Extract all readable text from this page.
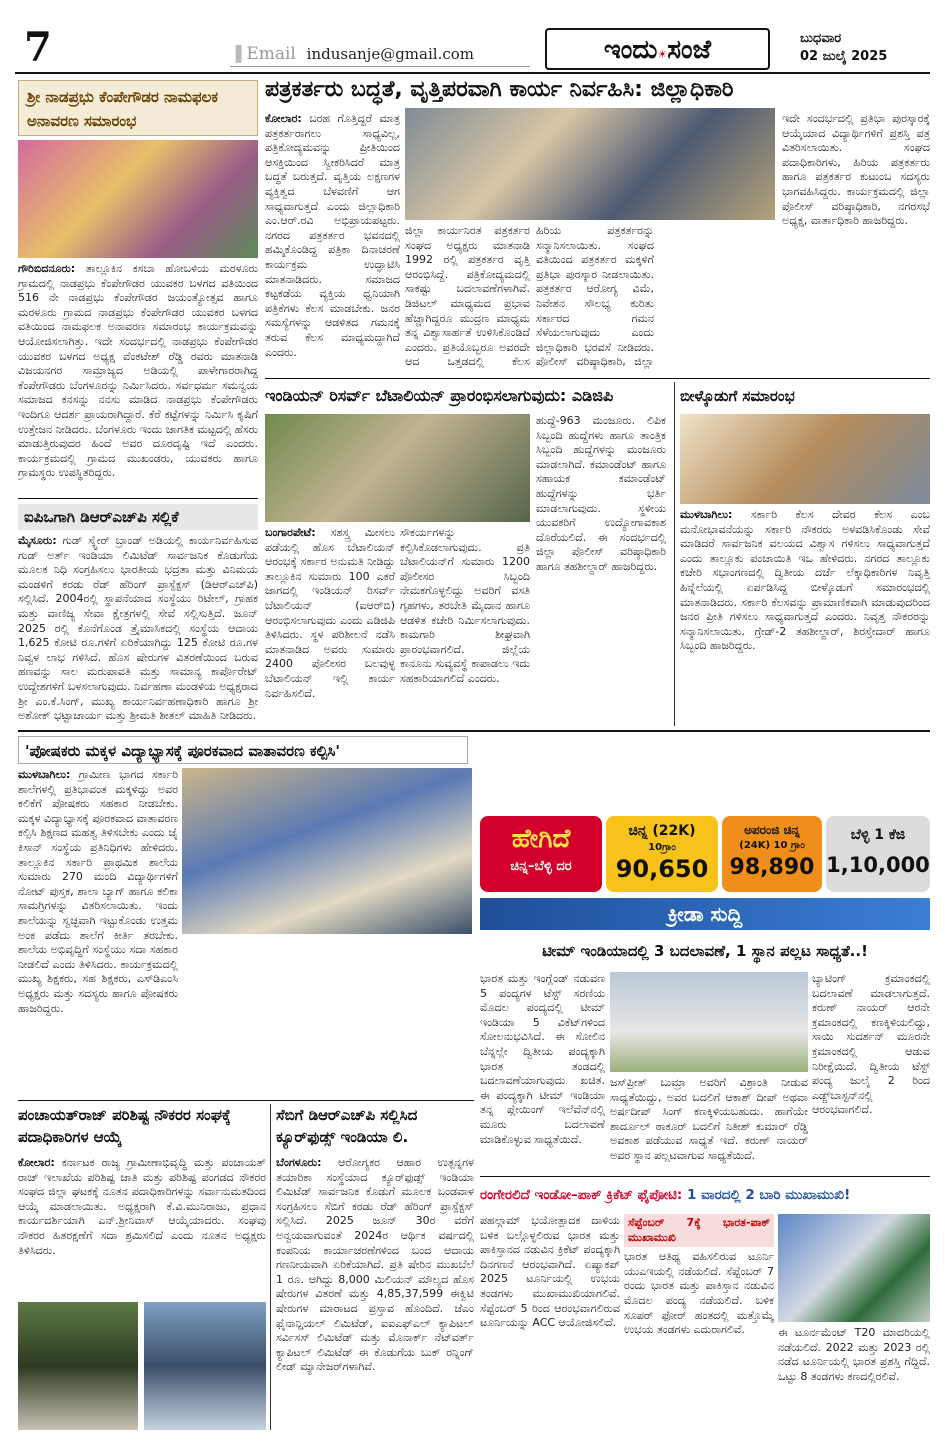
7	▐ Email indusanje@gmail.com	ಇಂದು☀ಸಂಜೆ	ಬುಧವಾರ
02 ಜುಲೈ 2025
ಶ್ರೀ ನಾಡಪ್ರಭು ಕೆಂಪೇಗೌಡರ ನಾಮಫಲಕ ಅನಾವರಣ ಸಮಾರಂಭ
ಗೌರಿಬಿದನೂರು: ತಾಲ್ಲೂಕಿನ ಕಸಬಾ ಹೋಬಳಿಯ ಮರಳೂರು ಗ್ರಾಮದಲ್ಲಿ ನಾಡಪ್ರಭು ಕೆಂಪೇಗೌಡರ ಯುವಕರ ಬಳಗದ ವತಿಯಿಂದ 516 ನೇ ನಾಡಪ್ರಭು ಕೆಂಪೇಗೌಡರ ಜಯಂತ್ಯೋತ್ಸವ ಹಾಗೂ ಮರಳೂರು ಗ್ರಾಮದ ನಾಡಪ್ರಭು ಕೆಂಪೇಗೌಡರ ಯುವಕರ ಬಳಗದ ವತಿಯಿಂದ ನಾಮಫಲಕ ಅನಾವರಣ ಸಮಾರಂಭ ಕಾರ್ಯಕ್ರಮವನ್ನು ಆಯೋಜಿಸಲಾಗಿತ್ತು. ಇದೇ ಸಂದರ್ಭದಲ್ಲಿ ನಾಡಪ್ರಭು ಕೆಂಪೇಗೌಡರ ಯುವಕರ ಬಳಗದ ಅಧ್ಯಕ್ಷ ವೆಂಕಟೇಶ್ ರೆಡ್ಡಿ ರವರು ಮಾತನಾಡಿ ವಿಜಯನಗರ ಸಾಮ್ರಾಜ್ಯದ ಅಡಿಯಲ್ಲಿ ಪಾಳೇಗಾರರಾಗಿದ್ದ ಕೆಂಪೇಗೌಡರು ಬೆಂಗಳೂರನ್ನು ನಿರ್ಮಿಸಿದರು. ಸರ್ವಧರ್ಮ ಸಮನ್ವಯ ಸಮಾಜದ ಕನಸನ್ನು ನನಸು ಮಾಡಿದ ನಾಡಪ್ರಭು ಕೆಂಪೇಗೌಡರು ಇಂದಿಗೂ ಆದರ್ಶ ಪ್ರಾಯರಾಗಿದ್ದಾರೆ. ಕೆರೆ ಕಟ್ಟೆಗಳನ್ನು ನಿರ್ಮಿಸಿ ಕೃಷಿಗೆ ಉತ್ತೇಜನ ನೀಡಿದರು. ಬೆಂಗಳೂರು ಇಂದು ಜಾಗತಿಕ ಮಟ್ಟದಲ್ಲಿ ಹೆಸರು ಮಾಡುತ್ತಿರುವುದರ ಹಿಂದೆ ಅವರ ದೂರದೃಷ್ಟಿ ಇದೆ ಎಂದರು. ಕಾರ್ಯಕ್ರಮದಲ್ಲಿ ಗ್ರಾಮದ ಮುಖಂಡರು, ಯುವಕರು ಹಾಗೂ ಗ್ರಾಮಸ್ಥರು ಉಪಸ್ಥಿತರಿದ್ದರು.
ಐಪಿಒಗಾಗಿ ಡಿಆರ್‌ಎಚ್‌ಪಿ ಸಲ್ಲಿಕೆ
ಮೈಸೂರು: ಗುಡ್ ಸ್ಕ್ವೇರ್ ಬ್ರಾಂಡ್ ಅಡಿಯಲ್ಲಿ ಕಾರ್ಯನಿರ್ವಹಿಸುವ ಗುಡ್ ಅರ್ತ್ ಇಂಡಿಯಾ ಲಿಮಿಟೆಡ್ ಸಾರ್ವಜನಿಕ ಕೊಡುಗೆಯ ಮೂಲಕ ನಿಧಿ ಸಂಗ್ರಹಿಸಲು ಭಾರತೀಯ ಭದ್ರತಾ ಮತ್ತು ವಿನಿಮಯ ಮಂಡಳಿಗೆ ಕರಡು ರೆಡ್ ಹೆರಿಂಗ್ ಪ್ರಾಸ್ಪೆಕ್ಟಸ್ (ಡಿಆರ್‌ಎಚ್‌ಪಿ) ಸಲ್ಲಿಸಿದೆ. 2004ರಲ್ಲಿ ಸ್ಥಾಪನೆಯಾದ ಸಂಸ್ಥೆಯು ರಿಟೇಲ್, ಗ್ರಾಹಕ ಮತ್ತು ವಾಣಿಜ್ಯ ಸೇವಾ ಕ್ಷೇತ್ರಗಳಲ್ಲಿ ಸೇವೆ ಸಲ್ಲಿಸುತ್ತಿದೆ. ಜೂನ್ 2025 ರಲ್ಲಿ ಕೊನೆಗೊಂಡ ತ್ರೈಮಾಸಿಕದಲ್ಲಿ ಸಂಸ್ಥೆಯ ಆದಾಯ 1,625 ಕೋಟಿ ರೂ.ಗಳಿಗೆ ಏರಿಕೆಯಾಗಿದ್ದು 125 ಕೋಟಿ ರೂ.ಗಳ ನಿವ್ವಳ ಲಾಭ ಗಳಿಸಿದೆ. ಹೊಸ ಷೇರುಗಳ ವಿತರಣೆಯಿಂದ ಬರುವ ಹಣವನ್ನು ಸಾಲ ಮರುಪಾವತಿ ಮತ್ತು ಸಾಮಾನ್ಯ ಕಾರ್ಪೊರೇಟ್ ಉದ್ದೇಶಗಳಿಗೆ ಬಳಸಲಾಗುವುದು. ನಿರ್ವಹಣಾ ಮಂಡಳಿಯ ಅಧ್ಯಕ್ಷರಾದ ಶ್ರೀ ಎಂ.ಕೆ.ಸಿಂಗ್, ಮುಖ್ಯ ಕಾರ್ಯನಿರ್ವಹಣಾಧಿಕಾರಿ ಹಾಗೂ ಶ್ರೀ ಅಶೋಕ್ ಭಟ್ಟಾಚಾರ್ಯ ಮತ್ತು ಶ್ರೀಮತಿ ಶೀತಲ್ ಮಾಹಿತಿ ನೀಡಿದರು.
ಪತ್ರಕರ್ತರು ಬದ್ಧತೆ, ವೃತ್ತಿಪರವಾಗಿ ಕಾರ್ಯ ನಿರ್ವಹಿಸಿ: ಜಿಲ್ಲಾಧಿಕಾರಿ
ಕೋಲಾರ: ಬರಹ ಗೊತ್ತಿದ್ದರೆ ಮಾತ್ರ ಪತ್ರಕರ್ತರಾಗಲು ಸಾಧ್ಯವಿಲ್ಲ, ಪತ್ರಿಕೋದ್ಯಮವನ್ನು ಪ್ರೀತಿಯಿಂದ ಆಸಕ್ತಿಯಿಂದ ಸ್ವೀಕರಿಸಿದರೆ ಮಾತ್ರ ಬದ್ಧತೆ ಬರುತ್ತದೆ. ವೃತ್ತಿಯ ಲಕ್ಷಣಗಳ ವ್ಯಕ್ತಿತ್ವದ ಬೆಳವಣಿಗೆ ಆಗ ಸಾಧ್ಯವಾಗುತ್ತದೆ ಎಂದು ಜಿಲ್ಲಾಧಿಕಾರಿ ಎಂ.ಆರ್.ರವಿ ಅಭಿಪ್ರಾಯಪಟ್ಟರು. ನಗರದ ಪತ್ರಕರ್ತರ ಭವನದಲ್ಲಿ ಹಮ್ಮಿಕೊಂಡಿದ್ದ ಪತ್ರಿಕಾ ದಿನಾಚರಣೆ ಕಾರ್ಯಕ್ರಮ ಉದ್ಘಾಟಿಸಿ ಮಾತನಾಡಿದರು. ಸಮಾಜದ ಕಟ್ಟಕಡೆಯ ವ್ಯಕ್ತಿಯ ಧ್ವನಿಯಾಗಿ ಪತ್ರಿಕೆಗಳು ಕೆಲಸ ಮಾಡಬೇಕು. ಜನರ ಸಮಸ್ಯೆಗಳನ್ನು ಆಡಳಿತದ ಗಮನಕ್ಕೆ ತರುವ ಕೆಲಸ ಮಾಧ್ಯಮದ್ದಾಗಿದೆ ಎಂದರು.
ಜಿಲ್ಲಾ ಕಾರ್ಯನಿರತ ಪತ್ರಕರ್ತರ ಸಂಘದ ಅಧ್ಯಕ್ಷರು ಮಾತನಾಡಿ 1992 ರಲ್ಲಿ ಪತ್ರಕರ್ತರ ವೃತ್ತಿ ಆರಂಭಿಸಿದ್ದೆ. ಪತ್ರಿಕೋದ್ಯಮದಲ್ಲಿ ಸಾಕಷ್ಟು ಬದಲಾವಣೆಗಳಾಗಿವೆ. ಡಿಜಿಟಲ್ ಮಾಧ್ಯಮದ ಪ್ರಭಾವ ಹೆಚ್ಚಾಗಿದ್ದರೂ ಮುದ್ರಣ ಮಾಧ್ಯಮ ತನ್ನ ವಿಶ್ವಾಸಾರ್ಹತೆ ಉಳಿಸಿಕೊಂಡಿದೆ ಎಂದರು. ಪ್ರತಿಯೊಬ್ಬರೂ ಅವರದೇ ಆದ ಒತ್ತಡದಲ್ಲಿ ಕೆಲಸ
ಹಿರಿಯ ಪತ್ರಕರ್ತರನ್ನು ಸನ್ಮಾನಿಸಲಾಯಿತು. ಸಂಘದ ವತಿಯಿಂದ ಪತ್ರಕರ್ತರ ಮಕ್ಕಳಿಗೆ ಪ್ರತಿಭಾ ಪುರಸ್ಕಾರ ನೀಡಲಾಯಿತು. ಪತ್ರಕರ್ತರ ಆರೋಗ್ಯ ವಿಮೆ, ನಿವೇಶನ ಸೌಲಭ್ಯ ಕುರಿತು ಸರ್ಕಾರದ ಗಮನ ಸೆಳೆಯಲಾಗುವುದು ಎಂದು ಜಿಲ್ಲಾಧಿಕಾರಿ ಭರವಸೆ ನೀಡಿದರು. ಪೊಲೀಸ್ ವರಿಷ್ಠಾಧಿಕಾರಿ, ಜಿಲ್ಲಾ
ಇದೇ ಸಂದರ್ಭದಲ್ಲಿ ಪ್ರತಿಭಾ ಪುರಸ್ಕಾರಕ್ಕೆ ಆಯ್ಕೆಯಾದ ವಿದ್ಯಾರ್ಥಿಗಳಿಗೆ ಪ್ರಶಸ್ತಿ ಪತ್ರ ವಿತರಿಸಲಾಯಿತು. ಸಂಘದ ಪದಾಧಿಕಾರಿಗಳು, ಹಿರಿಯ ಪತ್ರಕರ್ತರು ಹಾಗೂ ಪತ್ರಕರ್ತರ ಕುಟುಂಬ ಸದಸ್ಯರು ಭಾಗವಹಿಸಿದ್ದರು. ಕಾರ್ಯಕ್ರಮದಲ್ಲಿ ಜಿಲ್ಲಾ ಪೊಲೀಸ್ ವರಿಷ್ಠಾಧಿಕಾರಿ, ನಗರಸಭೆ ಅಧ್ಯಕ್ಷ, ವಾರ್ತಾಧಿಕಾರಿ ಹಾಜರಿದ್ದರು.
ಇಂಡಿಯನ್ ರಿಸರ್ವ್ ಬೆಟಾಲಿಯನ್ ಪ್ರಾರಂಭಿಸಲಾಗುವುದು: ಎಡಿಜಿಪಿ
ಬಂಗಾರಪೇಟೆ: ಸಶಸ್ತ್ರ ಮೀಸಲು ಪಡೆಯಲ್ಲಿ ಹೊಸ ಬೆಟಾಲಿಯನ್ ಆರಂಭಕ್ಕೆ ಸರ್ಕಾರ ಅನುಮತಿ ನೀಡಿದ್ದು ತಾಲ್ಲೂಕಿನ ಸುಮಾರು 100 ಎಕರೆ ಜಾಗದಲ್ಲಿ ಇಂಡಿಯನ್ ರಿಸರ್ವ್ ಬೆಟಾಲಿಯನ್ (ಐಆರ್‌ಬಿ) ಆರಂಭಿಸಲಾಗುವುದು ಎಂದು ಎಡಿಜಿಪಿ ತಿಳಿಸಿದರು. ಸ್ಥಳ ಪರಿಶೀಲನೆ ನಡೆಸಿ ಮಾತನಾಡಿದ ಅವರು ಸುಮಾರು 2400 ಪೊಲೀಸರ ಬಲವುಳ್ಳ ಬೆಟಾಲಿಯನ್ ಇಲ್ಲಿ ಕಾರ್ಯ ನಿರ್ವಹಿಸಲಿದೆ.
ಸೌಕರ್ಯಗಳನ್ನು ಕಲ್ಪಿಸಿಕೊಡಲಾಗುವುದು. ಪ್ರತಿ ಬೆಟಾಲಿಯನ್‌ಗೆ ಸುಮಾರು 1200 ಪೊಲೀಸರ ಸಿಬ್ಬಂದಿ ನೇಮಕಗೊಳ್ಳಲಿದ್ದು ಅವರಿಗೆ ವಸತಿ ಗೃಹಗಳು, ತರಬೇತಿ ಮೈದಾನ ಹಾಗೂ ಆಡಳಿತ ಕಚೇರಿ ನಿರ್ಮಿಸಲಾಗುವುದು. ಕಾಮಗಾರಿ ಶೀಘ್ರವಾಗಿ ಪ್ರಾರಂಭವಾಗಲಿದೆ. ಜಿಲ್ಲೆಯ ಕಾನೂನು ಸುವ್ಯವಸ್ಥೆ ಕಾಪಾಡಲು ಇದು ಸಹಕಾರಿಯಾಗಲಿದೆ ಎಂದರು.
ಹುದ್ದೆ-963 ಮಂಜೂರು. ಲಿಪಿಕ ಸಿಬ್ಬಂದಿ ಹುದ್ದೆಗಳು ಹಾಗೂ ತಾಂತ್ರಿಕ ಸಿಬ್ಬಂದಿ ಹುದ್ದೆಗಳನ್ನು ಮಂಜೂರು ಮಾಡಲಾಗಿದೆ. ಕಮಾಂಡೆಂಟ್ ಹಾಗೂ ಸಹಾಯಕ ಕಮಾಂಡೆಂಟ್ ಹುದ್ದೆಗಳನ್ನು ಭರ್ತಿ ಮಾಡಲಾಗುವುದು. ಸ್ಥಳೀಯ ಯುವಕರಿಗೆ ಉದ್ಯೋಗಾವಕಾಶ ದೊರೆಯಲಿದೆ. ಈ ಸಂದರ್ಭದಲ್ಲಿ ಜಿಲ್ಲಾ ಪೊಲೀಸ್ ವರಿಷ್ಠಾಧಿಕಾರಿ ಹಾಗೂ ತಹಶೀಲ್ದಾರ್ ಹಾಜರಿದ್ದರು.
ಬೀಳ್ಕೊಡುಗೆ ಸಮಾರಂಭ
ಮುಳಬಾಗಿಲು: ಸರ್ಕಾರಿ ಕೆಲಸ ದೇವರ ಕೆಲಸ ಎಂಬ ಮನೋಭಾವನೆಯನ್ನು ಸರ್ಕಾರಿ ನೌಕರರು ಅಳವಡಿಸಿಕೊಂಡು ಸೇವೆ ಮಾಡಿದರೆ ಸಾರ್ವಜನಿಕ ವಲಯದ ವಿಶ್ವಾಸ ಗಳಿಸಲು ಸಾಧ್ಯವಾಗುತ್ತದೆ ಎಂದು ತಾಲ್ಲೂಕು ಪಂಚಾಯಿತಿ ಇಒ ಹೇಳಿದರು. ನಗರದ ತಾಲ್ಲೂಕು ಕಚೇರಿ ಸಭಾಂಗಣದಲ್ಲಿ ದ್ವಿತೀಯ ದರ್ಜೆ ಲೆಕ್ಕಾಧಿಕಾರಿಗಳ ನಿವೃತ್ತಿ ಹಿನ್ನೆಲೆಯಲ್ಲಿ ಏರ್ಪಡಿಸಿದ್ದ ಬೀಳ್ಕೊಡುಗೆ ಸಮಾರಂಭದಲ್ಲಿ ಮಾತನಾಡಿದರು. ಸರ್ಕಾರಿ ಕೆಲಸವನ್ನು ಪ್ರಾಮಾಣಿಕವಾಗಿ ಮಾಡುವುದರಿಂದ ಜನರ ಪ್ರೀತಿ ಗಳಿಸಲು ಸಾಧ್ಯವಾಗುತ್ತದೆ ಎಂದರು. ನಿವೃತ್ತ ನೌಕರರನ್ನು ಸನ್ಮಾನಿಸಲಾಯಿತು. ಗ್ರೇಡ್-2 ತಹಶೀಲ್ದಾರ್, ಶಿರಸ್ತೇದಾರ್ ಹಾಗೂ ಸಿಬ್ಬಂದಿ ಹಾಜರಿದ್ದರು.
'ಪೋಷಕರು ಮಕ್ಕಳ ವಿದ್ಯಾಭ್ಯಾಸಕ್ಕೆ ಪೂರಕವಾದ ವಾತಾವರಣ ಕಲ್ಪಿಸಿ'
ಮುಳಬಾಗಿಲು: ಗ್ರಾಮೀಣ ಭಾಗದ ಸರ್ಕಾರಿ ಶಾಲೆಗಳಲ್ಲಿ ಪ್ರತಿಭಾವಂತ ಮಕ್ಕಳಿದ್ದು ಅವರ ಕಲಿಕೆಗೆ ಪೋಷಕರು ಸಹಕಾರ ನೀಡಬೇಕು. ಮಕ್ಕಳ ವಿದ್ಯಾಭ್ಯಾಸಕ್ಕೆ ಪೂರಕವಾದ ವಾತಾವರಣ ಕಲ್ಪಿಸಿ ಶಿಕ್ಷಣದ ಮಹತ್ವ ತಿಳಿಸಬೇಕು ಎಂದು ಜೈ ಕಿಸಾನ್ ಸಂಸ್ಥೆಯ ಪ್ರತಿನಿಧಿಗಳು ಹೇಳಿದರು. ತಾಲ್ಲೂಕಿನ ಸರ್ಕಾರಿ ಪ್ರಾಥಮಿಕ ಶಾಲೆಯ ಸುಮಾರು 270 ಮಂದಿ ವಿದ್ಯಾರ್ಥಿಗಳಿಗೆ ನೋಟ್ ಪುಸ್ತಕ, ಶಾಲಾ ಬ್ಯಾಗ್ ಹಾಗೂ ಕಲಿಕಾ ಸಾಮಗ್ರಿಗಳನ್ನು ವಿತರಿಸಲಾಯಿತು. ಇಂದು ಶಾಲೆಯನ್ನು ಸ್ವಚ್ಛವಾಗಿ ಇಟ್ಟುಕೊಂಡು ಉತ್ತಮ ಅಂಕ ಪಡೆದು ಶಾಲೆಗೆ ಕೀರ್ತಿ ತರಬೇಕು. ಶಾಲೆಯ ಅಭಿವೃದ್ಧಿಗೆ ಸಂಸ್ಥೆಯು ಸದಾ ಸಹಕಾರ ನೀಡಲಿದೆ ಎಂದು ತಿಳಿಸಿದರು. ಕಾರ್ಯಕ್ರಮದಲ್ಲಿ ಮುಖ್ಯ ಶಿಕ್ಷಕರು, ಸಹ ಶಿಕ್ಷಕರು, ಎಸ್‌ಡಿಎಂಸಿ ಅಧ್ಯಕ್ಷರು ಮತ್ತು ಸದಸ್ಯರು ಹಾಗೂ ಪೋಷಕರು ಹಾಜರಿದ್ದರು.
ಪಂಚಾಯತ್‌ರಾಜ್ ಪರಿಶಿಷ್ಟ ನೌಕರರ ಸಂಘಕ್ಕೆ ಪದಾಧಿಕಾರಿಗಳ ಆಯ್ಕೆ
ಕೋಲಾರ: ಕರ್ನಾಟಕ ರಾಜ್ಯ ಗ್ರಾಮೀಣಾಭಿವೃದ್ಧಿ ಮತ್ತು ಪಂಚಾಯತ್ ರಾಜ್ ಇಲಾಖೆಯ ಪರಿಶಿಷ್ಟ ಜಾತಿ ಮತ್ತು ಪರಿಶಿಷ್ಟ ಪಂಗಡದ ನೌಕರರ ಸಂಘದ ಜಿಲ್ಲಾ ಘಟಕಕ್ಕೆ ನೂತನ ಪದಾಧಿಕಾರಿಗಳನ್ನು ಸರ್ವಾನುಮತದಿಂದ ಆಯ್ಕೆ ಮಾಡಲಾಯಿತು. ಅಧ್ಯಕ್ಷರಾಗಿ ಕೆ.ವಿ.ಮುನಿರಾಜು, ಪ್ರಧಾನ ಕಾರ್ಯದರ್ಶಿಯಾಗಿ ಎನ್.ಶ್ರೀನಿವಾಸ್ ಆಯ್ಕೆಯಾದರು. ಸಂಘವು ನೌಕರರ ಹಿತರಕ್ಷಣೆಗೆ ಸದಾ ಶ್ರಮಿಸಲಿದೆ ಎಂದು ನೂತನ ಅಧ್ಯಕ್ಷರು ತಿಳಿಸಿದರು.
ಸೆಬಿಗೆ ಡಿಆರ್‌ಎಚ್‌ಪಿ ಸಲ್ಲಿಸಿದ ಕ್ಯೂರ್‌ಫುಡ್ಸ್ ಇಂಡಿಯಾ ಲಿ.
ಬೆಂಗಳೂರು: ಆರೋಗ್ಯಕರ ಆಹಾರ ಉತ್ಪನ್ನಗಳ ತಯಾರಿಕಾ ಸಂಸ್ಥೆಯಾದ ಕ್ಯೂರ್‌ಫುಡ್ಸ್ ಇಂಡಿಯಾ ಲಿಮಿಟೆಡ್ ಸಾರ್ವಜನಿಕ ಕೊಡುಗೆ ಮೂಲಕ ಬಂಡವಾಳ ಸಂಗ್ರಹಿಸಲು ಸೆಬಿಗೆ ಕರಡು ರೆಡ್ ಹೆರಿಂಗ್ ಪ್ರಾಸ್ಪೆಕ್ಟಸ್ ಸಲ್ಲಿಸಿದೆ. 2025 ಜೂನ್ 30ರ ವರೆಗೆ ಅನ್ವಯವಾಗುವಂತೆ 2024ರ ಆರ್ಥಿಕ ವರ್ಷದಲ್ಲಿ ಕಂಪನಿಯ ಕಾರ್ಯಾಚರಣೆಗಳಿಂದ ಬಂದ ಆದಾಯ ಗಣನೀಯವಾಗಿ ಏರಿಕೆಯಾಗಿದೆ. ಪ್ರತಿ ಷೇರಿನ ಮುಖಬೆಲೆ 1 ರೂ. ಆಗಿದ್ದು 8,000 ಮಿಲಿಯನ್ ಮೌಲ್ಯದ ಹೊಸ ಷೇರುಗಳ ವಿತರಣೆ ಮತ್ತು 4,85,37,599 ಈಕ್ವಿಟಿ ಷೇರುಗಳ ಮಾರಾಟದ ಪ್ರಸ್ತಾವ ಹೊಂದಿದೆ. ಜೆಎಂ ಫೈನಾನ್ಷಿಯಲ್ ಲಿಮಿಟೆಡ್, ಐಐಎಫ್‌ಎಲ್ ಕ್ಯಾಪಿಟಲ್ ಸರ್ವಿಸಸ್ ಲಿಮಿಟೆಡ್ ಮತ್ತು ಮೊನಾರ್ಕ್ ನೆಟ್‌ವರ್ತ್ ಕ್ಯಾಪಿಟಲ್ ಲಿಮಿಟೆಡ್ ಈ ಕೊಡುಗೆಯ ಬುಕ್ ರನ್ನಿಂಗ್ ಲೀಡ್ ಮ್ಯಾನೇಜರ್‌ಗಳಾಗಿವೆ.
ಹೇಗಿದೆ
ಚಿನ್ನ–ಬೆಳ್ಳಿ ದರ
ಚಿನ್ನ (22K)
10ಗ್ರಾಂ
90,650
ಅಪರಂಜಿ ಚಿನ್ನ
(24K) 10 ಗ್ರಾಂ
98,890
ಬೆಳ್ಳಿ 1 ಕೆಜಿ
1,10,000
ಕ್ರೀಡಾ ಸುದ್ದಿ
ಟೀಮ್ ಇಂಡಿಯಾದಲ್ಲಿ 3 ಬದಲಾವಣೆ, 1 ಸ್ಥಾನ ಪಲ್ಲಟ ಸಾಧ್ಯತೆ..!
ಭಾರತ ಮತ್ತು ಇಂಗ್ಲೆಂಡ್ ನಡುವಣ 5 ಪಂದ್ಯಗಳ ಟೆಸ್ಟ್ ಸರಣಿಯ ಮೊದಲ ಪಂದ್ಯದಲ್ಲಿ ಟೀಮ್ ಇಂಡಿಯಾ 5 ವಿಕೆಟ್‌ಗಳಿಂದ ಸೋಲನುಭವಿಸಿದೆ. ಈ ಸೋಲಿನ ಬೆನ್ನಲ್ಲೇ ದ್ವಿತೀಯ ಪಂದ್ಯಕ್ಕಾಗಿ ಭಾರತ ತಂಡದಲ್ಲಿ ಬದಲಾವಣೆಯಾಗುವುದು ಖಚಿತ. ಈ ಪಂದ್ಯಕ್ಕಾಗಿ ಟೀಮ್ ಇಂಡಿಯಾ ತನ್ನ ಪ್ಲೇಯಿಂಗ್ ಇಲೆವೆನ್‌ನಲ್ಲಿ ಮೂರು ಬದಲಾವಣೆ ಮಾಡಿಕೊಳ್ಳುವ ಸಾಧ್ಯತೆಯಿದೆ.
ಜಸ್‌ಪ್ರೀತ್ ಬುಮ್ರಾ ಅವರಿಗೆ ವಿಶ್ರಾಂತಿ ನೀಡುವ ಸಾಧ್ಯತೆಯಿದ್ದು, ಅವರ ಬದಲಿಗೆ ಆಕಾಶ್ ದೀಪ್ ಅಥವಾ ಅರ್ಷದೀಪ್ ಸಿಂಗ್ ಕಣಕ್ಕಿಳಿಯಬಹುದು. ಹಾಗೆಯೇ ಶಾರ್ದೂಲ್ ಠಾಕೂರ್ ಬದಲಿಗೆ ನಿತೀಶ್ ಕುಮಾರ್ ರೆಡ್ಡಿ ಅವಕಾಶ ಪಡೆಯುವ ಸಾಧ್ಯತೆ ಇದೆ. ಕರುಣ್ ನಾಯರ್ ಅವರ ಸ್ಥಾನ ಪಲ್ಲಟವಾಗುವ ಸಾಧ್ಯತೆಯಿದೆ.
ಬ್ಯಾಟಿಂಗ್ ಕ್ರಮಾಂಕದಲ್ಲಿ ಬದಲಾವಣೆ ಮಾಡಲಾಗುತ್ತದೆ. ಕರುಣ್ ನಾಯರ್ ಆರನೇ ಕ್ರಮಾಂಕದಲ್ಲಿ ಕಣಕ್ಕಿಳಿಯಲಿದ್ದು, ಸಾಯಿ ಸುದರ್ಶನ್ ಮೂರನೇ ಕ್ರಮಾಂಕದಲ್ಲಿ ಆಡುವ ನಿರೀಕ್ಷೆಯಿದೆ. ದ್ವಿತೀಯ ಟೆಸ್ಟ್ ಪಂದ್ಯ ಜುಲೈ 2 ರಿಂದ ಎಡ್ಜ್‌ಬಾಸ್ಟನ್‌ನಲ್ಲಿ ಆರಂಭವಾಗಲಿದೆ.
ರಂಗೇರಲಿದೆ ಇಂಡೋ–ಪಾಕ್ ಕ್ರಿಕೆಟ್ ಫೈಪೋಟಿ: 1 ವಾರದಲ್ಲಿ 2 ಬಾರಿ ಮುಖಾಮುಖಿ!
ಪಹಲ್ಗಾಮ್ ಭಯೋತ್ಪಾದಕ ದಾಳಿಯ ಬಳಿಕ ಬಲ್ಗೊಳ್ಳಲಿರುವ ಭಾರತ ಮತ್ತು ಪಾಕಿಸ್ತಾನದ ನಡುವಿನ ಕ್ರಿಕೆಟ್ ಪಂದ್ಯಕ್ಕಾಗಿ ದಿನಗಣನೆ ಆರಂಭವಾಗಿದೆ. ಏಷ್ಯಾಕಪ್ 2025 ಟೂರ್ನಿಯಲ್ಲಿ ಉಭಯ ತಂಡಗಳು ಮುಖಾಮುಖಿಯಾಗಲಿವೆ. ಸೆಪ್ಟೆಂಬರ್ 5 ರಿಂದ ಆರಂಭವಾಗಲಿರುವ ಟೂರ್ನಿಯನ್ನು ACC ಆಯೋಜಿಸಲಿದೆ.
ಸೆಪ್ಟೆಂಬರ್ 7ಕ್ಕೆ ಭಾರತ-ಪಾಕ್ ಮುಖಾಮುಖಿ
ಭಾರತ ಆತಿಥ್ಯ ವಹಿಸಲಿರುವ ಟೂರ್ನಿ ಯುಎಇಯಲ್ಲಿ ನಡೆಯಲಿದೆ. ಸೆಪ್ಟೆಂಬರ್ 7 ರಂದು ಭಾರತ ಮತ್ತು ಪಾಕಿಸ್ತಾನ ನಡುವಿನ ಮೊದಲ ಪಂದ್ಯ ನಡೆಯಲಿದೆ. ಬಳಿಕ ಸೂಪರ್ ಫೋರ್ ಹಂತದಲ್ಲಿ ಮತ್ತೊಮ್ಮೆ ಉಭಯ ತಂಡಗಳು ಎದುರಾಗಲಿವೆ.	ಈ ಟೂರ್ನಮೆಂಟ್ T20 ಮಾದರಿಯಲ್ಲಿ ನಡೆಯಲಿದೆ. 2022 ಮತ್ತು 2023 ರಲ್ಲಿ ನಡೆದ ಟೂರ್ನಿಯಲ್ಲಿ ಭಾರತ ಪ್ರಶಸ್ತಿ ಗೆದ್ದಿದೆ. ಒಟ್ಟು 8 ತಂಡಗಳು ಕಣದಲ್ಲಿರಲಿವೆ.
